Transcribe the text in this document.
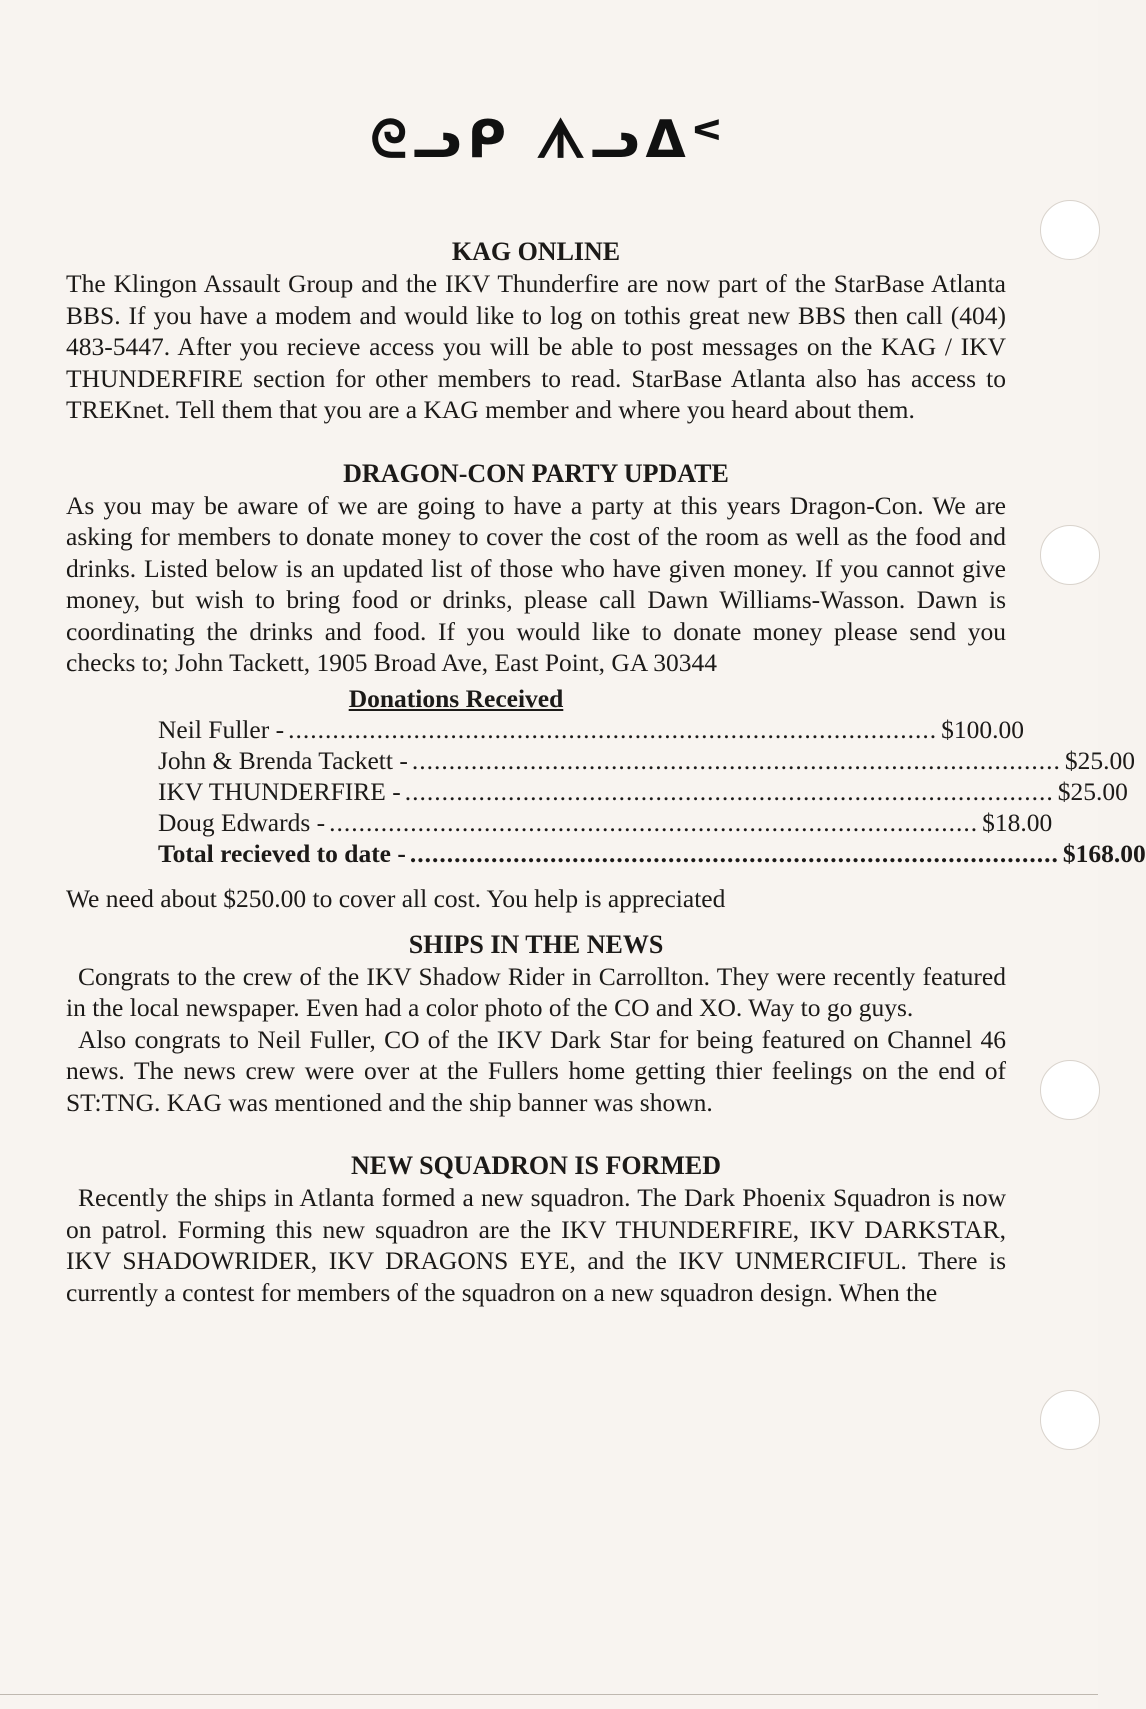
ᘓᓗᑭ ᗑᓗᐃᑉ
KAG ONLINE

The Klingon Assault Group and the IKV Thunderfire are now part of the StarBase Atlanta BBS. If you have a modem and would like to log on tothis great new BBS then call (404) 483-5447. After you recieve access you will be able to post messages on the KAG / IKV THUNDERFIRE section for other members to read. StarBase Atlanta also has access to TREKnet. Tell them that you are a KAG member and where you heard about them.

DRAGON-CON PARTY UPDATE

As you may be aware of we are going to have a party at this years Dragon-Con. We are asking for members to donate money to cover the cost of the room as well as the food and drinks. Listed below is an updated list of those who have given money. If you cannot give money, but wish to bring food or drinks, please call Dawn Williams-Wasson. Dawn is coordinating the drinks and food. If you would like to donate money please send you checks to; John Tackett, 1905 Broad Ave, East Point, GA 30344

Donations Received
Neil Fuller - ........................................................................................ $100.00
John & Brenda Tackett - ........................................................................................ $25.00
IKV THUNDERFIRE - ........................................................................................ $25.00
Doug Edwards - ........................................................................................ $18.00
Total recieved to date - ........................................................................................ $168.00

We need about $250.00 to cover all cost. You help is appreciated

SHIPS IN THE NEWS

Congrats to the crew of the IKV Shadow Rider in Carrollton. They were recently featured in the local newspaper. Even had a color photo of the CO and XO. Way to go guys.

Also congrats to Neil Fuller, CO of the IKV Dark Star for being featured on Channel 46 news. The news crew were over at the Fullers home getting thier feelings on the end of ST:TNG. KAG was mentioned and the ship banner was shown.

NEW SQUADRON IS FORMED

Recently the ships in Atlanta formed a new squadron. The Dark Phoenix Squadron is now on patrol. Forming this new squadron are the IKV THUNDERFIRE, IKV DARKSTAR, IKV SHADOWRIDER, IKV DRAGONS EYE, and the IKV UNMERCIFUL. There is currently a contest for members of the squadron on a new squadron design. When the
